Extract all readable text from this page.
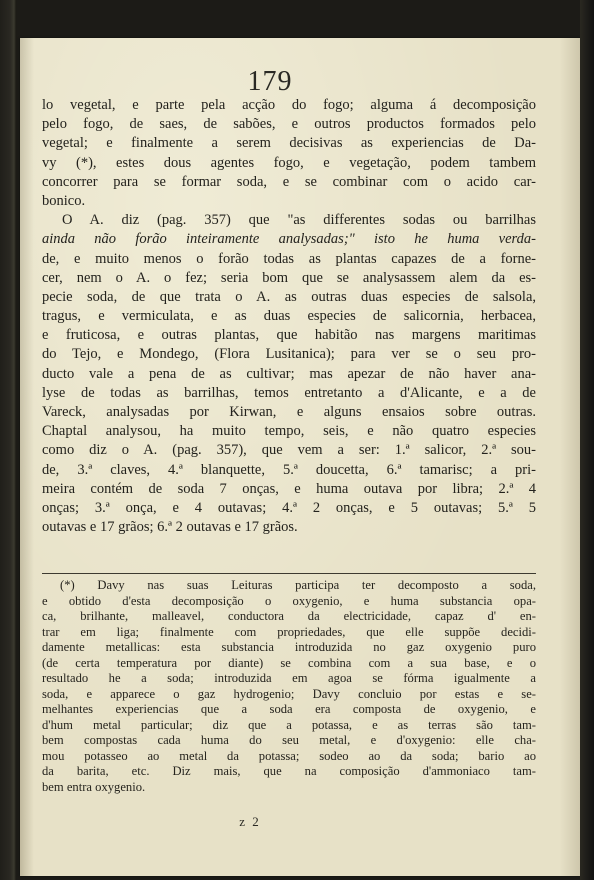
179
lo vegetal, e parte pela acção do fogo; alguma á decomposição
pelo fogo, de saes, de sabões, e outros productos formados pelo
vegetal; e finalmente a serem decisivas as experiencias de Da-
vy (*), estes dous agentes fogo, e vegetação, podem tambem
concorrer para se formar soda, e se combinar com o acido car-
bonico.
O A. diz (pag. 357) que "as differentes sodas ou barrilhas
ainda não forão inteiramente analysadas;" isto he huma verda-
de, e muito menos o forão todas as plantas capazes de a forne-
cer, nem o A. o fez; seria bom que se analysassem alem da es-
pecie soda, de que trata o A. as outras duas especies de salsola,
tragus, e vermiculata, e as duas especies de salicornia, herbacea,
e fruticosa, e outras plantas, que habitão nas margens maritimas
do Tejo, e Mondego, (Flora Lusitanica); para ver se o seu pro-
ducto vale a pena de as cultivar; mas apezar de não haver ana-
lyse de todas as barrilhas, temos entretanto a d'Alicante, e a de
Vareck, analysadas por Kirwan, e alguns ensaios sobre outras.
Chaptal analysou, ha muito tempo, seis, e não quatro especies
como diz o A. (pag. 357), que vem a ser: 1.ª salicor, 2.ª sou-
de, 3.ª claves, 4.ª blanquette, 5.ª doucetta, 6.ª tamarisc; a pri-
meira contém de soda 7 onças, e huma outava por libra; 2.ª 4
onças; 3.ª onça, e 4 outavas; 4.ª 2 onças, e 5 outavas; 5.ª 5
outavas e 17 grãos; 6.ª 2 outavas e 17 grãos.
(*) Davy nas suas Leituras participa ter decomposto a soda,
e obtido d'esta decomposição o oxygenio, e huma substancia opa-
ca, brilhante, malleavel, conductora da electricidade, capaz d' en-
trar em liga; finalmente com propriedades, que elle suppõe decidi-
damente metallicas: esta substancia introduzida no gaz oxygenio puro
(de certa temperatura por diante) se combina com a sua base, e o
resultado he a soda; introduzida em agoa se fórma igualmente a
soda, e apparece o gaz hydrogenio; Davy concluio por estas e se-
melhantes experiencias que a soda era composta de oxygenio, e
d'hum metal particular; diz que a potassa, e as terras são tam-
bem compostas cada huma do seu metal, e d'oxygenio: elle cha-
mou potasseo ao metal da potassa; sodeo ao da soda; bario ao
da barita, etc. Diz mais, que na composição d'ammoniaco tam-
bem entra oxygenio.
z 2
